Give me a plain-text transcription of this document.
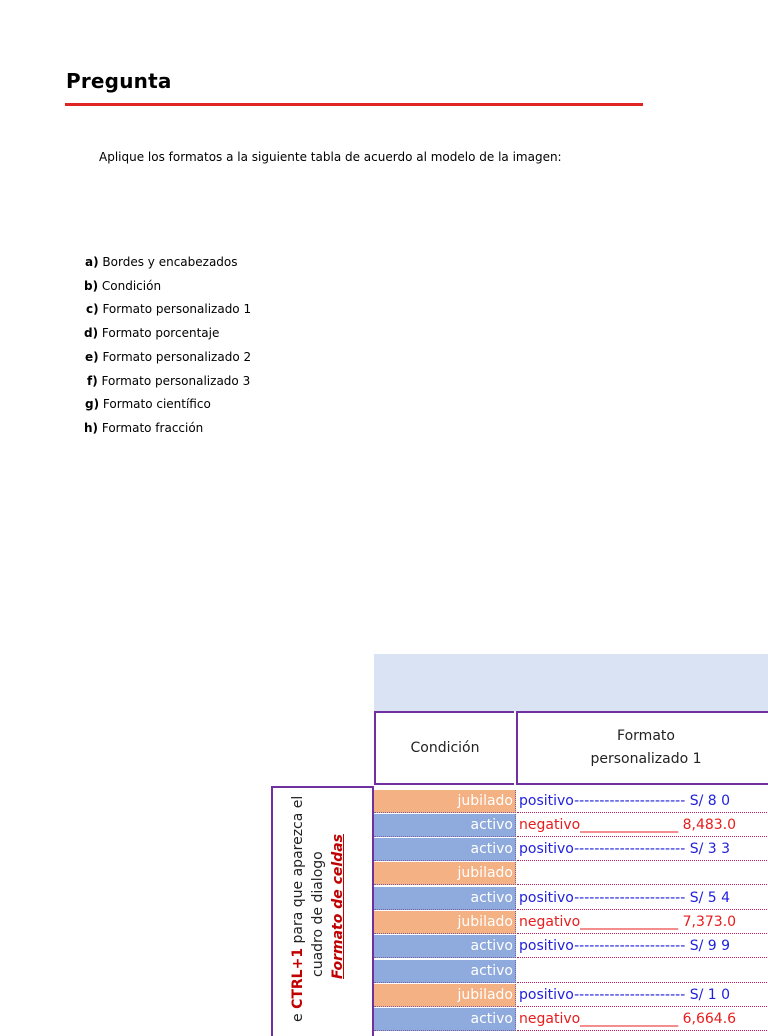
Pregunta
Aplique los formatos a la siguiente tabla de acuerdo al modelo de la imagen:
a) Bordes y encabezados
b) Condición
c) Formato personalizado 1
d) Formato porcentaje
e) Formato personalizado 2
f) Formato personalizado 3
g) Formato científico
h) Formato fracción
Condición
Formato
personalizado 1
e CTRL+1 para que aparezca el cuadro de dialogo Formato de celdas
jubilado positivo---------------------- S/ 8 0
activo negativo______________ 8,483.0
activo positivo---------------------- S/ 3 3
jubilado
activo positivo---------------------- S/ 5 4
jubilado negativo______________ 7,373.0
activo positivo---------------------- S/ 9 9
activo
jubilado positivo---------------------- S/ 1 0
activo negativo______________ 6,664.6
